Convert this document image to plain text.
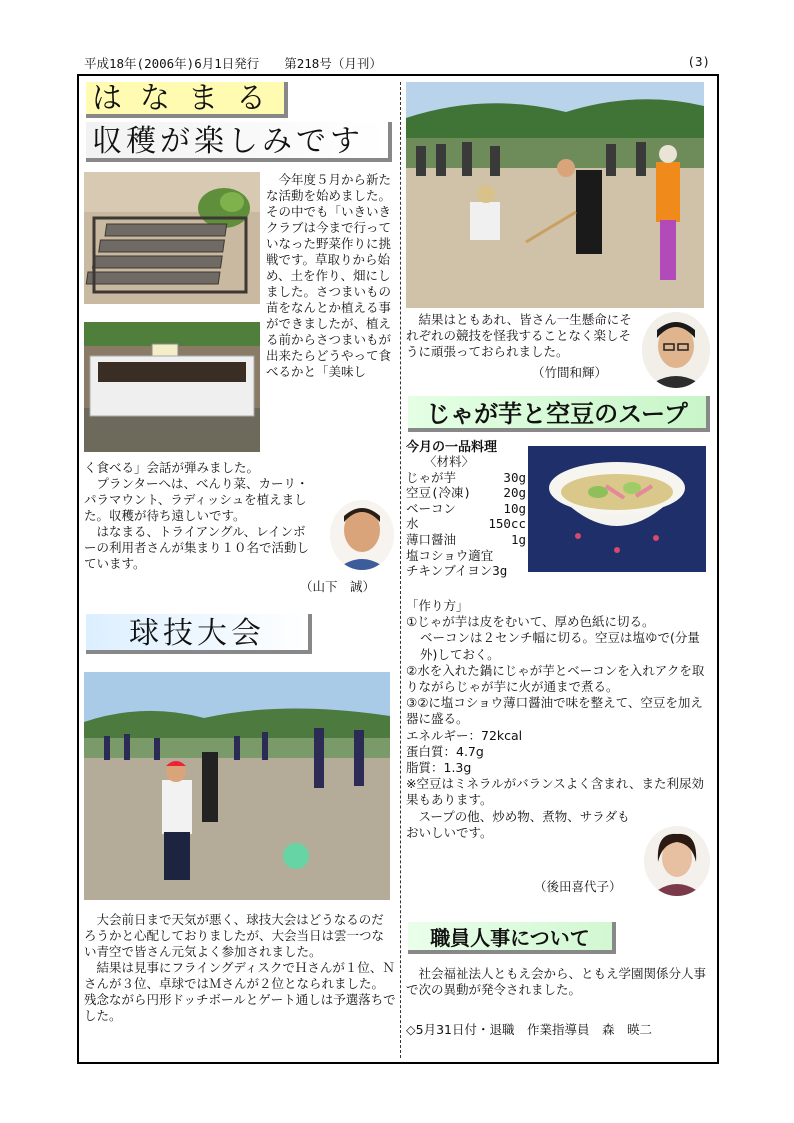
平成18年(2006年)6月1日発行　　第218号（月刊）	(3)
はなまる
収穫が楽しみです
今年度５月から新たな活動を始めました。その中でも「いきいきクラブは今まで行っていなった野菜作りに挑戦です。草取りから始め、土を作り、畑にしました。さつまいもの苗をなんとか植える事ができましたが、植える前からさつまいもが出来たらどうやって食べるかと「美味し
く食べる」会話が弾みました。
プランターへは、べんり菜、カーリ・パラマウント、ラディッシュを植えました。収穫が待ち遠しいです。
はなまる、トライアングル、レインボーの利用者さんが集まり１０名で活動しています。
（山下　誠）
球技大会
大会前日まで天気が悪く、球技大会はどうなるのだろうかと心配しておりましたが、大会当日は雲一つない青空で皆さん元気よく参加されました。
結果は見事にフライングディスクでＨさんが１位、Ｎさんが３位、卓球ではＭさんが２位となられました。残念ながら円形ドッチボールとゲート通しは予選落ちでした。
結果はともあれ、皆さん一生懸命にそれぞれの競技を怪我することなく楽しそうに頑張っておられました。
（竹間和輝）
じゃが芋と空豆のスープ
今月の一品料理
〈材料〉
じゃが芋	30g
空豆(冷凍)	20g
ベーコン	10g
水	150cc
薄口醤油	1g
塩コショウ適宜
チキンブイヨン3g
「作り方」
①じゃが芋は皮をむいて、厚め色紙に切る。
ベーコンは２センチ幅に切る。空豆は塩ゆで(分量外)しておく。
②水を入れた鍋にじゃが芋とベーコンを入れアクを取りながらじゃが芋に火が通まで煮る。
③②に塩コショウ薄口醤油で味を整えて、空豆を加え器に盛る。
エネルギー：72kcal
蛋白質：4.7g
脂質：1.3g
※空豆はミネラルがバランスよく含まれ、また利尿効果もあります。
スープの他、炒め物、煮物、サラダもおいしいです。
（後田喜代子）
職員人事について
社会福祉法人ともえ会から、ともえ学園関係分人事で次の異動が発令されました。
◇5月31日付・退職　作業指導員　森　暎二
